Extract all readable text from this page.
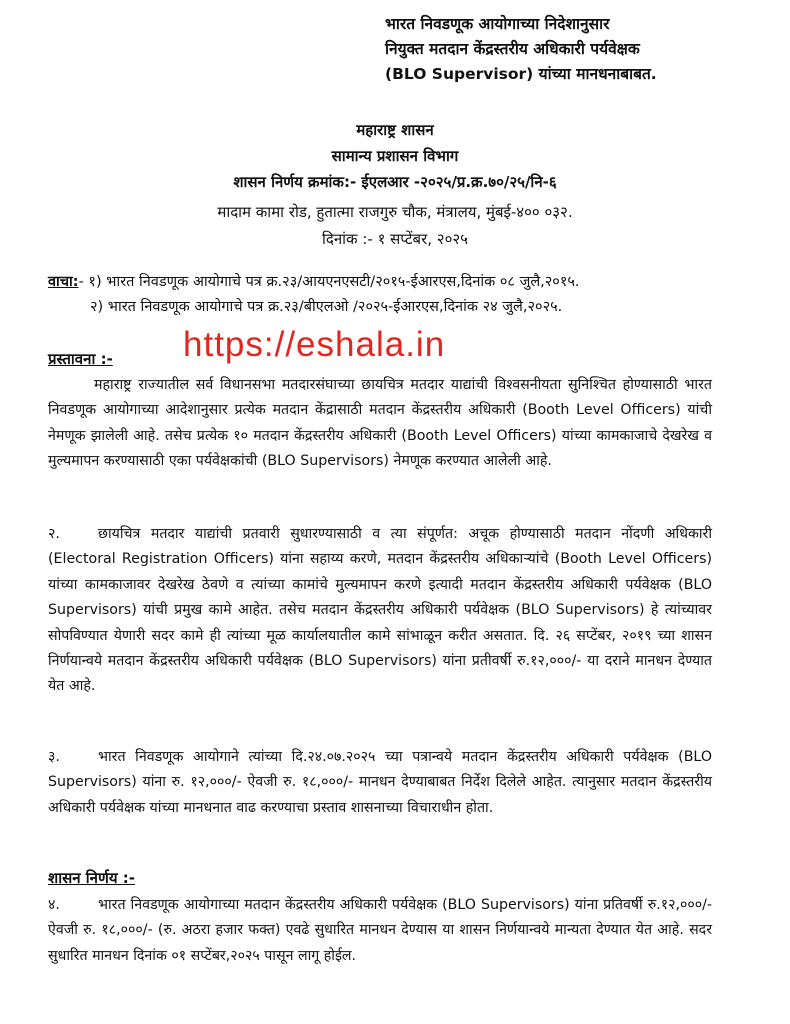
भारत निवडणूक आयोगाच्या निदेशानुसार
नियुक्त मतदान केंद्रस्तरीय अधिकारी पर्यवेक्षक
(BLO Supervisor) यांच्या मानधनाबाबत.
महाराष्ट्र शासन
सामान्य प्रशासन विभाग
शासन निर्णय क्रमांक:- ईएलआर -२०२५/प्र.क्र.७०/२५/नि-६
मादाम कामा रोड, हुतात्मा राजगुरु चौक, मंत्रालय, मुंबई-४०० ०३२.
दिनांक :- १ सप्टेंबर, २०२५
वाचा:- १) भारत निवडणूक आयोगाचे पत्र क्र.२३/आयएनएसटी/२०१५-ईआरएस,दिनांक ०८ जुलै,२०१५.
२) भारत निवडणूक आयोगाचे पत्र क्र.२३/बीएलओ /२०२५-ईआरएस,दिनांक २४ जुलै,२०२५.
प्रस्तावना :- https://eshala.in
महाराष्ट्र राज्यातील सर्व विधानसभा मतदारसंघाच्या छायचित्र मतदार याद्यांची विश्वसनीयता सुनिश्चित होण्यासाठी भारत निवडणूक आयोगाच्या आदेशानुसार प्रत्येक मतदान केंद्रासाठी मतदान केंद्रस्तरीय अधिकारी (Booth Level Officers) यांची नेमणूक झालेली आहे. तसेच प्रत्येक १० मतदान केंद्रस्तरीय अधिकारी (Booth Level Officers) यांच्या कामकाजाचे देखरेख व मुल्यमापन करण्यासाठी एका पर्यवेक्षकांची (BLO Supervisors) नेमणूक करण्यात आलेली आहे.
२.	छायचित्र मतदार याद्यांची प्रतवारी सुधारण्यासाठी व त्या संपूर्णत: अचूक होण्यासाठी मतदान नोंदणी अधिकारी (Electoral Registration Officers) यांना सहाय्य करणे, मतदान केंद्रस्तरीय अधिकाऱ्यांचे (Booth Level Officers) यांच्या कामकाजावर देखरेख ठेवणे व त्यांच्या कामांचे मुल्यमापन करणे इत्यादी मतदान केंद्रस्तरीय अधिकारी पर्यवेक्षक (BLO Supervisors) यांची प्रमुख कामे आहेत. तसेच मतदान केंद्रस्तरीय अधिकारी पर्यवेक्षक (BLO Supervisors) हे त्यांच्यावर सोपविण्यात येणारी सदर कामे ही त्यांच्या मूळ कार्यालयातील कामे सांभाळून करीत असतात. दि. २६ सप्टेंबर, २०१९ च्या शासन निर्णयान्वये मतदान केंद्रस्तरीय अधिकारी पर्यवेक्षक (BLO Supervisors) यांना प्रतीवर्षी रु.१२,०००/- या दराने मानधन देण्यात येत आहे.
३.	भारत निवडणूक आयोगाने त्यांच्या दि.२४.०७.२०२५ च्या पत्रान्वये मतदान केंद्रस्तरीय अधिकारी पर्यवेक्षक (BLO Supervisors) यांना रु. १२,०००/- ऐवजी रु. १८,०००/- मानधन देण्याबाबत निर्देश दिलेले आहेत. त्यानुसार मतदान केंद्रस्तरीय अधिकारी पर्यवेक्षक यांच्या मानधनात वाढ करण्याचा प्रस्ताव शासनाच्या विचाराधीन होता.
शासन निर्णय :-
४.	भारत निवडणूक आयोगाच्या मतदान केंद्रस्तरीय अधिकारी पर्यवेक्षक (BLO Supervisors) यांना प्रतिवर्षी रु.१२,०००/- ऐवजी रु. १८,०००/- (रु. अठरा हजार फक्त) एवढे सुधारित मानधन देण्यास या शासन निर्णयान्वये मान्यता देण्यात येत आहे. सदर सुधारित मानधन दिनांक ०१ सप्टेंबर,२०२५ पासून लागू होईल.
